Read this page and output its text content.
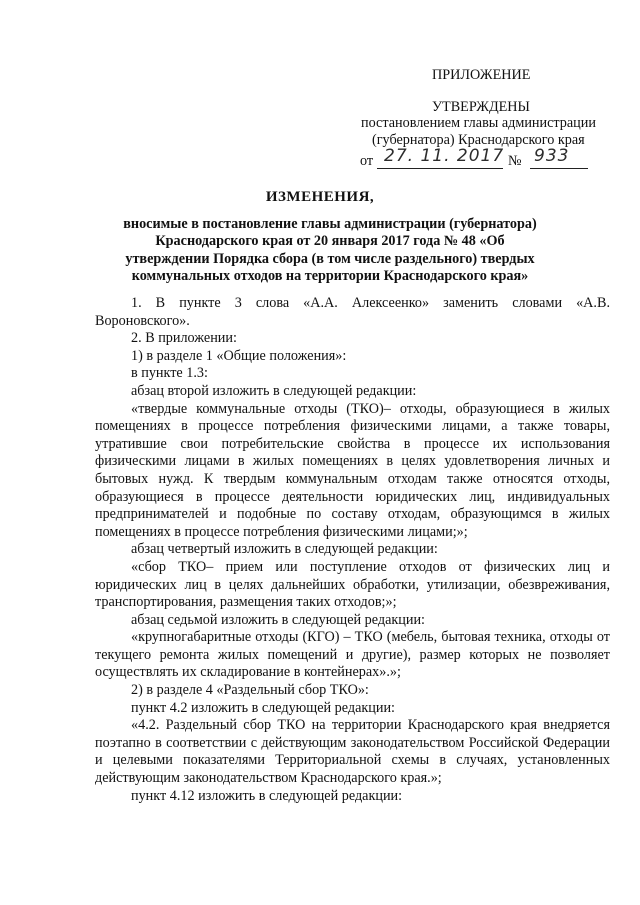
ПРИЛОЖЕНИЕ
УТВЕРЖДЕНЫ
постановлением главы администрации
(губернатора) Краснодарского края
от 27. 11. 2017 № 933
ИЗМЕНЕНИЯ,
вносимые в постановление главы администрации (губернатора) Краснодарского края от 20 января 2017 года № 48 «Об утверждении Порядка сбора (в том числе раздельного) твердых коммунальных отходов на территории Краснодарского края»

1. В пункте 3 слова «А.А. Алексеенко» заменить словами «А.В. Вороновского».

2. В приложении:

1) в разделе 1 «Общие положения»:

в пункте 1.3:

абзац второй изложить в следующей редакции:

«твердые коммунальные отходы (ТКО)– отходы, образующиеся в жилых помещениях в процессе потребления физическими лицами, а также товары, утратившие свои потребительские свойства в процессе их использования физическими лицами в жилых помещениях в целях удовлетворения личных и бытовых нужд. К твердым коммунальным отходам также относятся отходы, образующиеся в процессе деятельности юридических лиц, индивидуальных предпринимателей и подобные по составу отходам, образующимся в жилых помещениях в процессе потребления физическими лицами;»;

абзац четвертый изложить в следующей редакции:

«сбор ТКО– прием или поступление отходов от физических лиц и юридических лиц в целях дальнейших обработки, утилизации, обезвреживания, транспортирования, размещения таких отходов;»;

абзац седьмой изложить в следующей редакции:

«крупногабаритные отходы (КГО) – ТКО (мебель, бытовая техника, отходы от текущего ремонта жилых помещений и другие), размер которых не позволяет осуществлять их складирование в контейнерах».»;

2) в разделе 4 «Раздельный сбор ТКО»:

пункт 4.2 изложить в следующей редакции:

«4.2. Раздельный сбор ТКО на территории Краснодарского края внедряется поэтапно в соответствии с действующим законодательством Российской Федерации и целевыми показателями Территориальной схемы в случаях, установленных действующим законодательством Краснодарского края.»;

пункт 4.12 изложить в следующей редакции:
